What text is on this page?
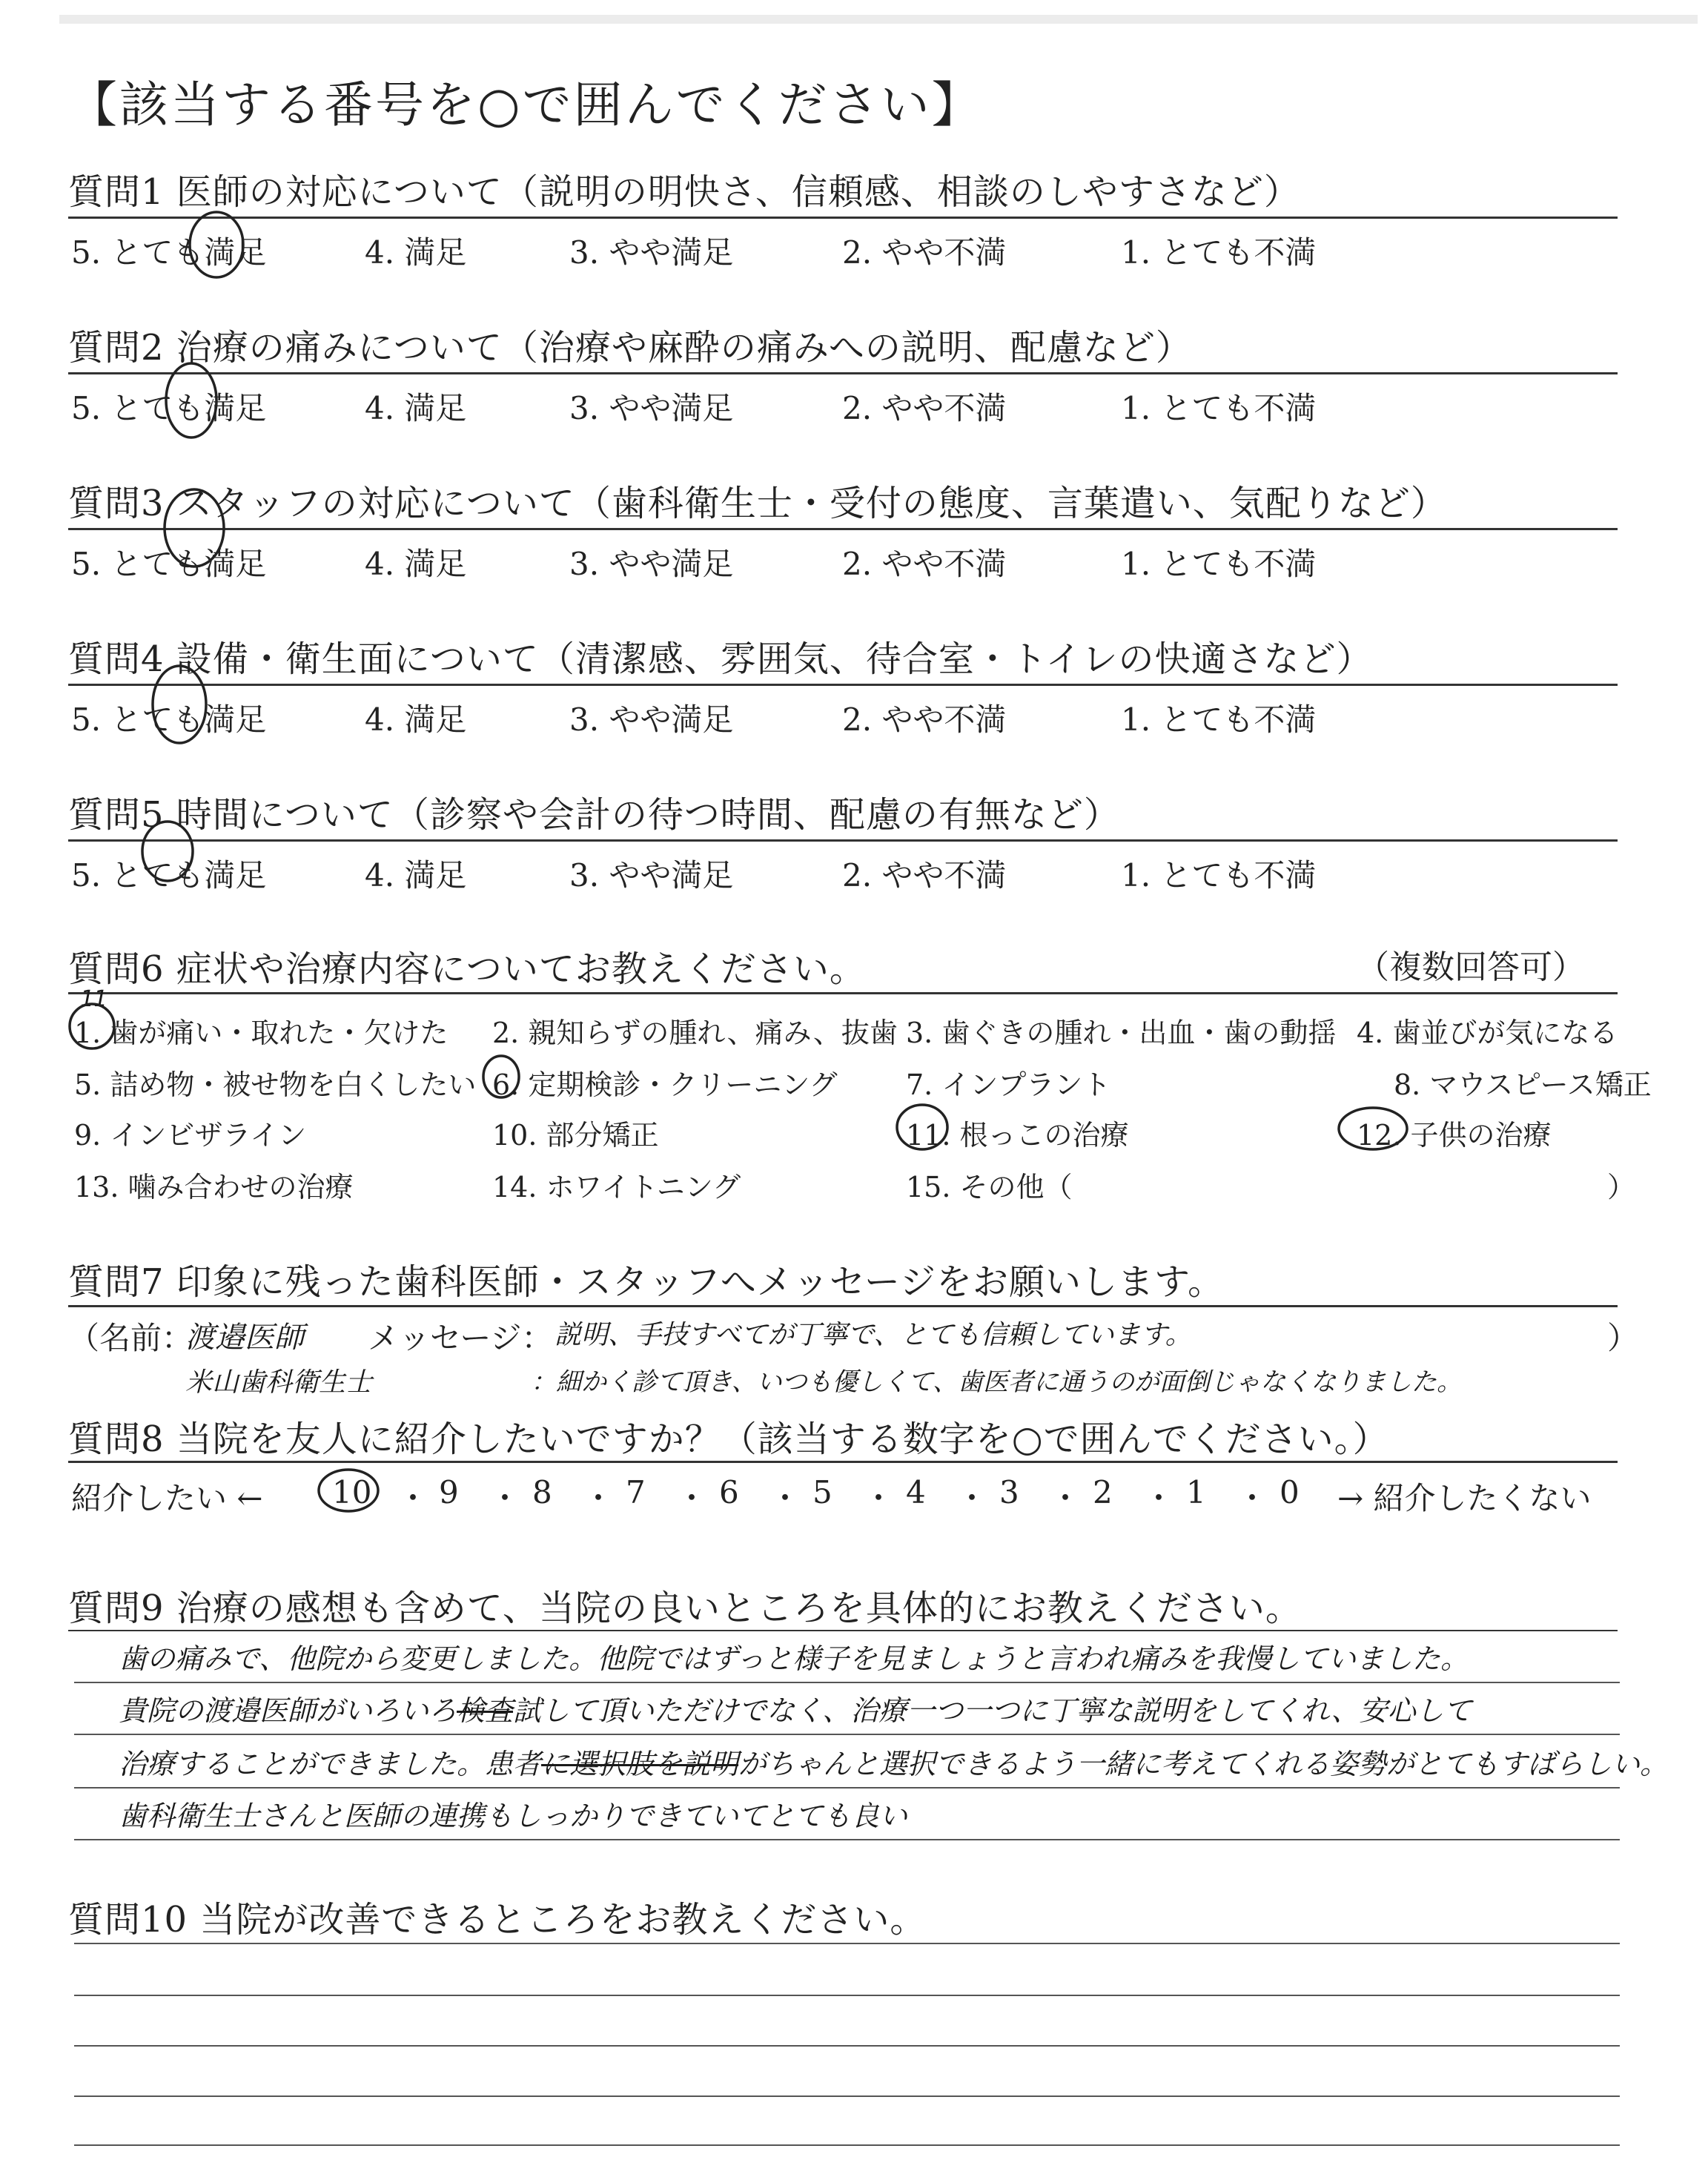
【該当する番号を○で囲んでください】
質問1 医師の対応について（説明の明快さ、信頼感、相談のしやすさなど）
5. とても満足	4. 満足	3. やや満足	2. やや不満	1. とても不満
質問2 治療の痛みについて（治療や麻酔の痛みへの説明、配慮など）
5. とても満足	4. 満足	3. やや満足	2. やや不満	1. とても不満
質問3 スタッフの対応について（歯科衛生士・受付の態度、言葉遣い、気配りなど）
5. とても満足	4. 満足	3. やや満足	2. やや不満	1. とても不満
質問4 設備・衛生面について（清潔感、雰囲気、待合室・トイレの快適さなど）
5. とても満足	4. 満足	3. やや満足	2. やや不満	1. とても不満
質問5 時間について（診察や会計の待つ時間、配慮の有無など）
5. とても満足	4. 満足	3. やや満足	2. やや不満	1. とても不満
質問6 症状や治療内容についてお教えください。	（複数回答可）
1. 歯が痛い・取れた・欠けた 2. 親知らずの腫れ、痛み、抜歯 3. 歯ぐきの腫れ・出血・歯の動揺 4. 歯並びが気になる
5. 詰め物・被せ物を白くしたい 6. 定期検診・クリーニング 7. インプラント	8. マウスピース矯正
9. インビザライン	10. 部分矯正	11. 根っこの治療	12. 子供の治療
13. 噛み合わせの治療	14. ホワイトニング	15. その他（	）
11
質問7 印象に残った歯科医師・スタッフへメッセージをお願いします。
（名前：
渡邉医師 メッセージ： 説明、手技すべてが丁寧で、とても信頼しています。	）
米山歯科衛生士	：細かく診て頂き、いつも優しくて、歯医者に通うのが面倒じゃなくなりました。
質問8 当院を友人に紹介したいですか？（該当する数字を○で囲んでください。）
紹介したい ← 10 ・ 9 ・ 8 ・ 7 ・ 6 ・ 5 ・ 4 ・ 3 ・ 2 ・ 1 ・ 0 → 紹介したくない
質問9 治療の感想も含めて、当院の良いところを具体的にお教えください。
歯の痛みで、他院から変更しました。他院ではずっと様子を見ましょうと言われ痛みを我慢していました。
貴院の渡邉医師がいろいろ検査試して頂いただけでなく、治療一つ一つに丁寧な説明をしてくれ、安心して
治療することができました。患者に選択肢を説明がちゃんと選択できるよう一緒に考えてくれる姿勢がとてもすばらしい。
歯科衛生士さんと医師の連携もしっかりできていてとても良い
質問10 当院が改善できるところをお教えください。
